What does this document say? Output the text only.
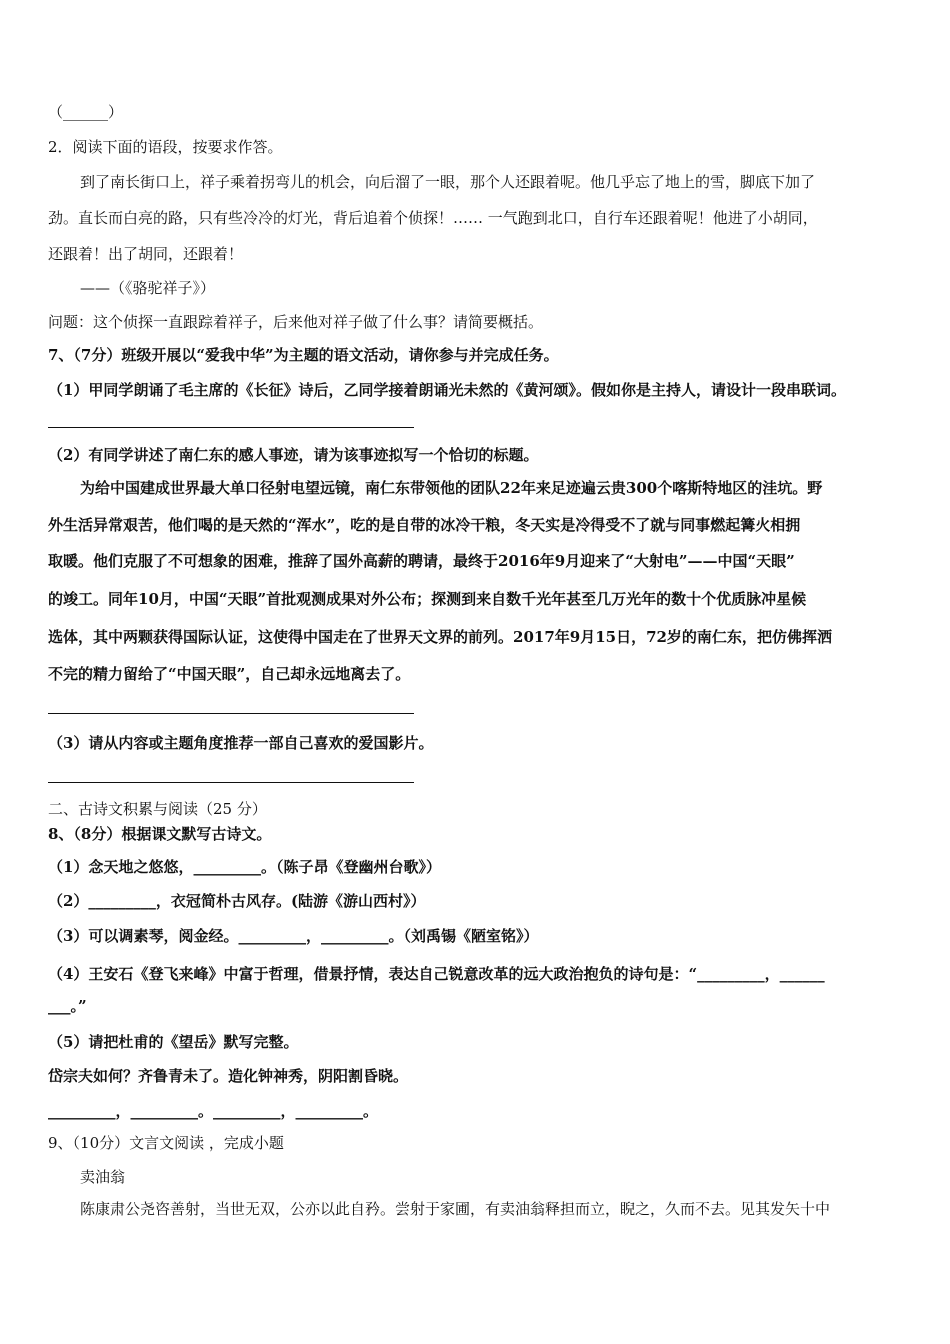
（______）
2．阅读下面的语段，按要求作答。
到了南长街口上，祥子乘着拐弯儿的机会，向后溜了一眼，那个人还跟着呢。他几乎忘了地上的雪，脚底下加了
劲。直长而白亮的路，只有些冷冷的灯光，背后追着个侦探！…… 一气跑到北口，自行车还跟着呢！他进了小胡同，
还跟着！出了胡同，还跟着！
——（《骆驼祥子》）
问题：这个侦探一直跟踪着祥子，后来他对祥子做了什么事？请简要概括。
7、（7分）班级开展以“爱我中华”为主题的语文活动，请你参与并完成任务。
（1）甲同学朗诵了毛主席的《长征》诗后，乙同学接着朗诵光未然的《黄河颂》。假如你是主持人，请设计一段串联词。
（2）有同学讲述了南仁东的感人事迹，请为该事迹拟写一个恰切的标题。
为给中国建成世界最大单口径射电望远镜，南仁东带领他的团队22年来足迹遍云贵300个喀斯特地区的洼坑。野
外生活异常艰苦，他们喝的是天然的“浑水”，吃的是自带的冰冷干粮，冬天实是冷得受不了就与同事燃起篝火相拥
取暖。他们克服了不可想象的困难，推辞了国外高薪的聘请，最终于2016年9月迎来了“大射电”——中国“天眼”
的竣工。同年10月，中国“天眼”首批观测成果对外公布；探测到来自数千光年甚至几万光年的数十个优质脉冲星候
选体，其中两颗获得国际认证，这使得中国走在了世界天文界的前列。2017年9月15日，72岁的南仁东，把仿佛挥洒
不完的精力留给了“中国天眼”，自己却永远地离去了。
（3）请从内容或主题角度推荐一部自己喜欢的爱国影片。
二、古诗文积累与阅读（25 分）
8、（8分）根据课文默写古诗文。
（1）念天地之悠悠，_________。（陈子昂《登幽州台歌》）
（2）_________，衣冠简朴古风存。(陆游《游山西村》）
（3）可以调素琴，阅金经。_________，_________。（刘禹锡《陋室铭》）
（4）王安石《登飞来峰》中富于哲理，借景抒情，表达自己锐意改革的远大政治抱负的诗句是：“_________，______
___。”
（5）请把杜甫的《望岳》默写完整。
岱宗夫如何？齐鲁青未了。造化钟神秀，阴阳割昏晓。
_________，_________。_________，_________。
9、（10分）文言文阅读 ，完成小题
卖油翁
陈康肃公尧咨善射，当世无双，公亦以此自矜。尝射于家圃，有卖油翁释担而立，睨之，久而不去。见其发矢十中
